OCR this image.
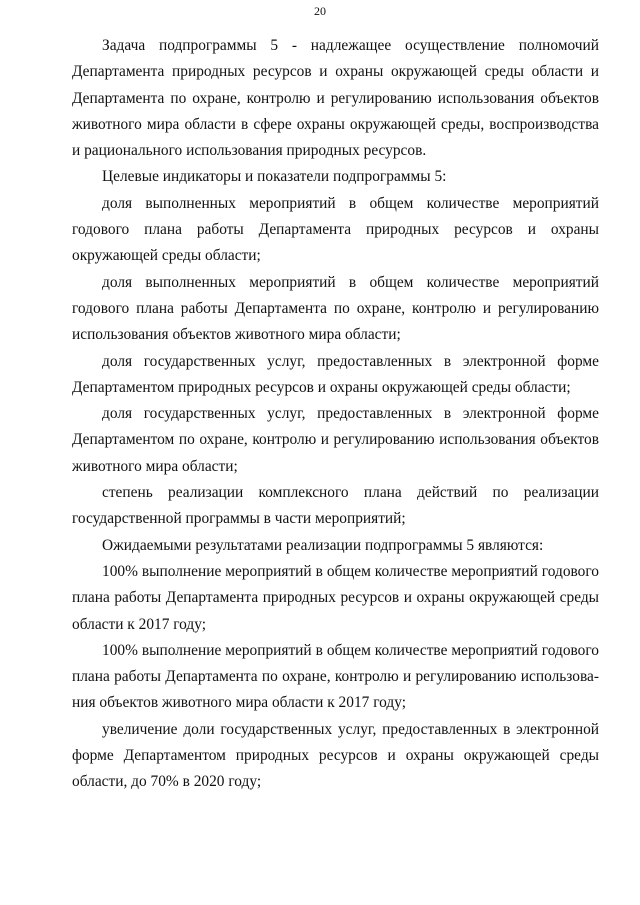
20

Задача подпрограммы 5 - надлежащее осуществление полномочий Департамента природных ресурсов и охраны окружающей среды области и Департамента по охране, контролю и регулированию использования объектов животного мира области в сфере охраны окружающей среды, воспроизводства и рационального использования природных ресурсов.

Целевые индикаторы и показатели подпрограммы 5:

доля выполненных мероприятий в общем количестве мероприятий годового плана работы Департамента природных ресурсов и охраны окружающей среды области;

доля выполненных мероприятий в общем количестве мероприятий годового плана работы Департамента по охране, контролю и регулированию использования объектов животного мира области;

доля государственных услуг, предоставленных в электронной форме Департаментом природных ресурсов и охраны окружающей среды области;

доля государственных услуг, предоставленных в электронной форме Департаментом по охране, контролю и регулированию использования объектов животного мира области;

степень реализации комплексного плана действий по реализации государственной программы в части мероприятий;

Ожидаемыми результатами реализации подпрограммы 5 являются:

100% выполнение мероприятий в общем количестве мероприятий годового плана работы Департамента природных ресурсов и охраны окружающей среды области к 2017 году;

100% выполнение мероприятий в общем количестве мероприятий годового плана работы Департамента по охране, контролю и регулированию использования объектов животного мира области к 2017 году;

увеличение доли государственных услуг, предоставленных в электронной форме Департаментом природных ресурсов и охраны окружающей среды области, до 70% в 2020 году;
